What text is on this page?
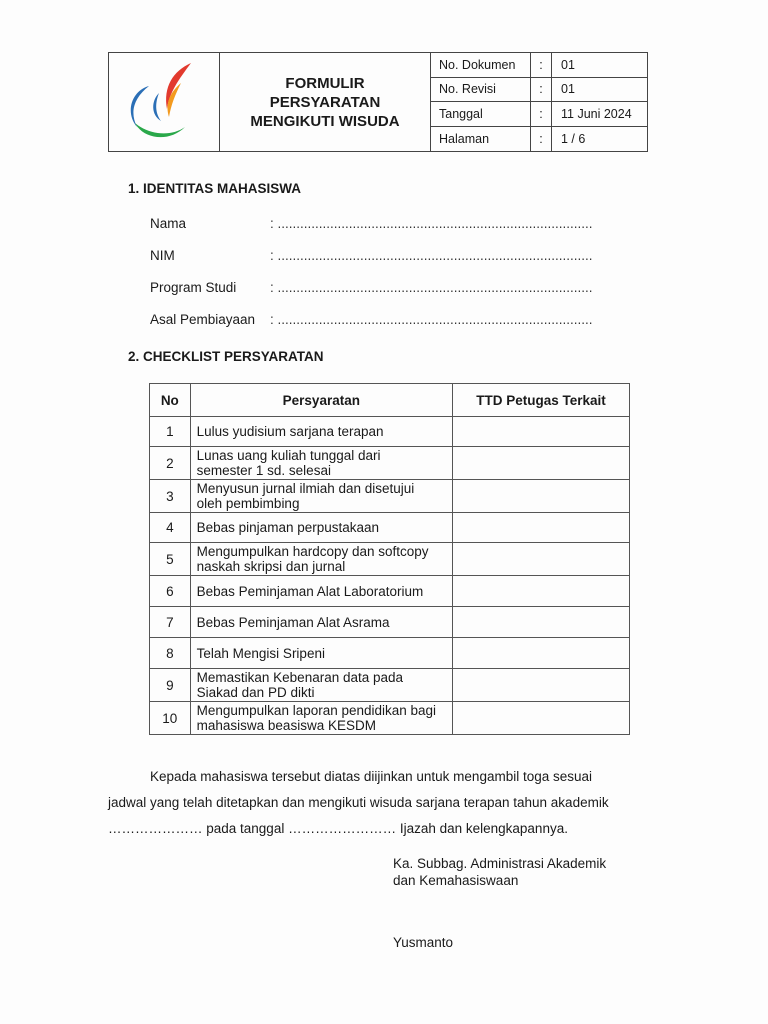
FORMULIR
PERSYARATAN
MENGIKUTI WISUDA
No. Dokumen	:	01
No. Revisi	:	01
Tanggal	:	11 Juni 2024
Halaman	:	1 / 6
1. IDENTITAS MAHASISWA
Nama	: ....................................................................................
NIM	: ....................................................................................
Program Studi : ....................................................................................
Asal Pembiayaan : ....................................................................................
2. CHECKLIST PERSYARATAN
No	Persyaratan	TTD Petugas Terkait
1	Lulus yudisium sarjana terapan	

2	Lunas uang kuliah tunggal dari
semester 1 sd. selesai	

3	Menyusun jurnal ilmiah dan disetujui
oleh pembimbing	

4	Bebas pinjaman perpustakaan	

5	Mengumpulkan hardcopy dan softcopy
naskah skripsi dan jurnal	

6	Bebas Peminjaman Alat Laboratorium	

7	Bebas Peminjaman Alat Asrama	

8	Telah Mengisi Sripeni	

9	Memastikan Kebenaran data pada
Siakad dan PD dikti	

10	Mengumpulkan laporan pendidikan bagi
mahasiswa beasiswa KESDM	

Kepada mahasiswa tersebut diatas diijinkan untuk mengambil toga sesuai
jadwal yang telah ditetapkan dan mengikuti wisuda sarjana terapan tahun akademik
………………… pada tanggal …………………… Ijazah dan kelengkapannya.
Ka. Subbag. Administrasi Akademik
dan Kemahasiswaan
Yusmanto
